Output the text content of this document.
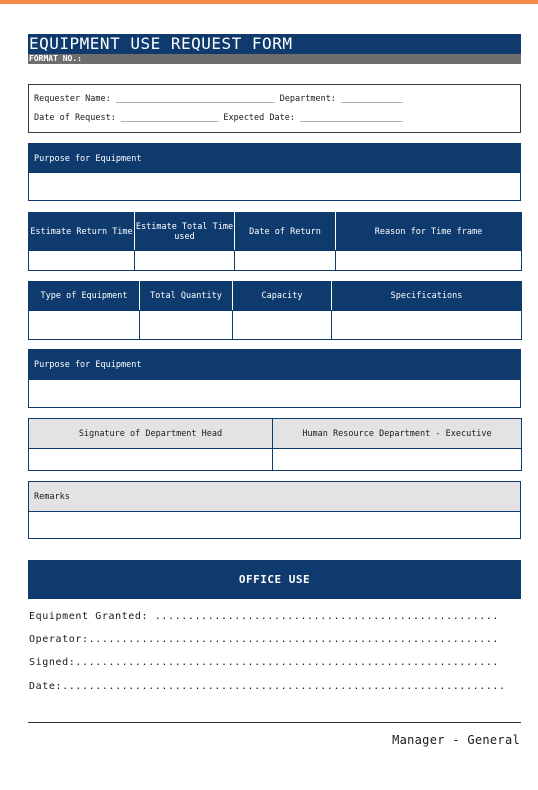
EQUIPMENT USE REQUEST FORM
FORMAT NO.:
Requester Name: _______________________________ Department: ____________
Date of Request: ___________________ Expected Date: ____________________
Purpose for Equipment
Estimate Return Time	Estimate Total Time used	Date of Return	Reason for Time frame

Type of Equipment	Total Quantity	Capacity	Specifications

Purpose for Equipment
Signature of Department Head	Human Resource Department - Executive

Remarks
OFFICE USE
Equipment Granted: ....................................................
Operator:..............................................................
Signed:................................................................
Date:...................................................................
Manager - General
